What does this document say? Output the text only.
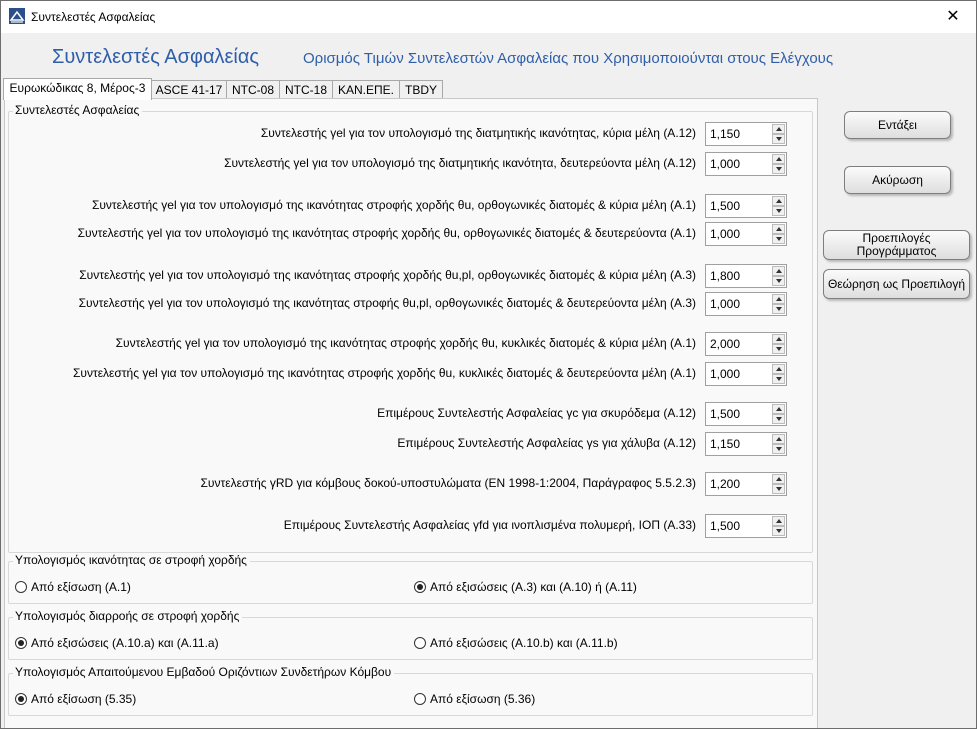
Συντελεστές Ασφαλείας	✕
Συντελεστές Ασφαλείας	Ορισμός Τιμών Συντελεστών Ασφαλείας που Χρησιμοποιούνται στους Ελέγχους
Ευρωκώδικας 8, Μέρος-3 ASCE 41-17 NTC-08 NTC-18 ΚΑΝ.ΕΠΕ. TBDY
Συντελεστές Ασφαλείας
Συντελεστής γel για τον υπολογισμό της διατμητικής ικανότητας, κύρια μέλη (Α.12) 1,150
Συντελεστής γel για τον υπολογισμό της διατμητικής ικανότητα, δευτερεύοντα μέλη (Α.12) 1,000
Συντελεστής γel για τον υπολογισμό της ικανότητας στροφής χορδής θu, ορθογωνικές διατομές & κύρια μέλη (Α.1) 1,500
Συντελεστής γel για τον υπολογισμό της ικανότητας στροφής χορδής θu, ορθογωνικές διατομές & δευτερεύοντα (Α.1) 1,000
Συντελεστής γel για τον υπολογισμό της ικανότητας στροφής χορδής θu,pl, ορθογωνικές διατομές & κύρια μέλη (Α.3) 1,800
Συντελεστής γel για τον υπολογισμό της ικανότητας στροφής θu,pl, ορθογωνικές διατομές & δευτερεύοντα μέλη (Α.3) 1,000
Συντελεστής γel για τον υπολογισμό της ικανότητας στροφής χορδής θu, κυκλικές διατομές & κύρια μέλη (Α.1) 2,000
Συντελεστής γel για τον υπολογισμό της ικανότητας στροφής χορδής θu, κυκλικές διατομές & δευτερεύοντα μέλη (Α.1) 1,000
Επιμέρους Συντελεστής Ασφαλείας γc για σκυρόδεμα (Α.12) 1,500
Επιμέρους Συντελεστής Ασφαλείας γs για χάλυβα (Α.12) 1,150
Συντελεστής γRD για κόμβους δοκού-υποστυλώματα (EN 1998-1:2004, Παράγραφος 5.5.2.3) 1,200
Επιμέρους Συντελεστής Ασφαλείας γfd για ινοπλισμένα πολυμερή, ΙΟΠ (Α.33) 1,500
Υπολογισμός ικανότητας σε στροφή χορδής
Από εξίσωση (Α.1)	Από εξισώσεις (Α.3) και (Α.10) ή (Α.11)
Υπολογισμός διαρροής σε στροφή χορδής
Από εξισώσεις (Α.10.a) και (Α.11.a)	Από εξισώσεις (Α.10.b) και (Α.11.b)
Υπολογισμός Απαιτούμενου Εμβαδού Οριζόντιων Συνδετήρων Κόμβου
Από εξίσωση (5.35)	Από εξίσωση (5.36)
Εντάξει
Ακύρωση
Προεπιλογές
Προγράμματος
Θεώρηση ως Προεπιλογή
